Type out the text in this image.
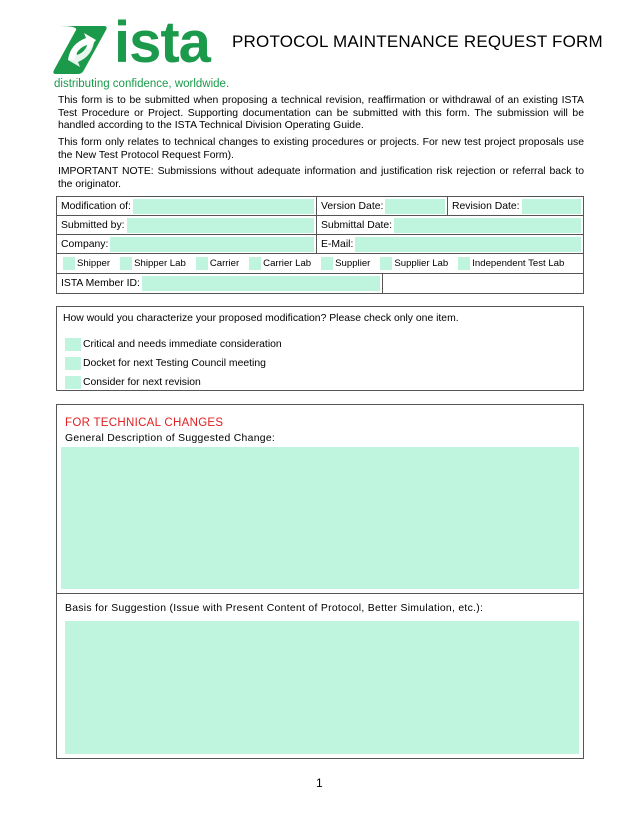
ista
distributing confidence, worldwide.
PROTOCOL MAINTENANCE REQUEST FORM

This form is to be submitted when proposing a technical revision, reaffirmation or withdrawal of an existing ISTA Test Procedure or Project. Supporting documentation can be submitted with this form. The submission will be handled according to the ISTA Technical Division Operating Guide.

This form only relates to technical changes to existing procedures or projects. For new test project proposals use the New Test Protocol Request Form).

IMPORTANT NOTE: Submissions without adequate information and justification risk rejection or referral back to the originator.

Modification of:	Version Date:	Revision Date:
Submitted by:	Submittal Date:
Company:	E-Mail:
Shipper	Shipper Lab	Carrier	Carrier Lab	Supplier	Supplier Lab	Independent Test Lab
ISTA Member ID:
How would you characterize your proposed modification? Please check only one item.
Critical and needs immediate consideration
Docket for next Testing Council meeting
Consider for next revision
FOR TECHNICAL CHANGES
General Description of Suggested Change:
Basis for Suggestion (Issue with Present Content of Protocol, Better Simulation, etc.):
1
